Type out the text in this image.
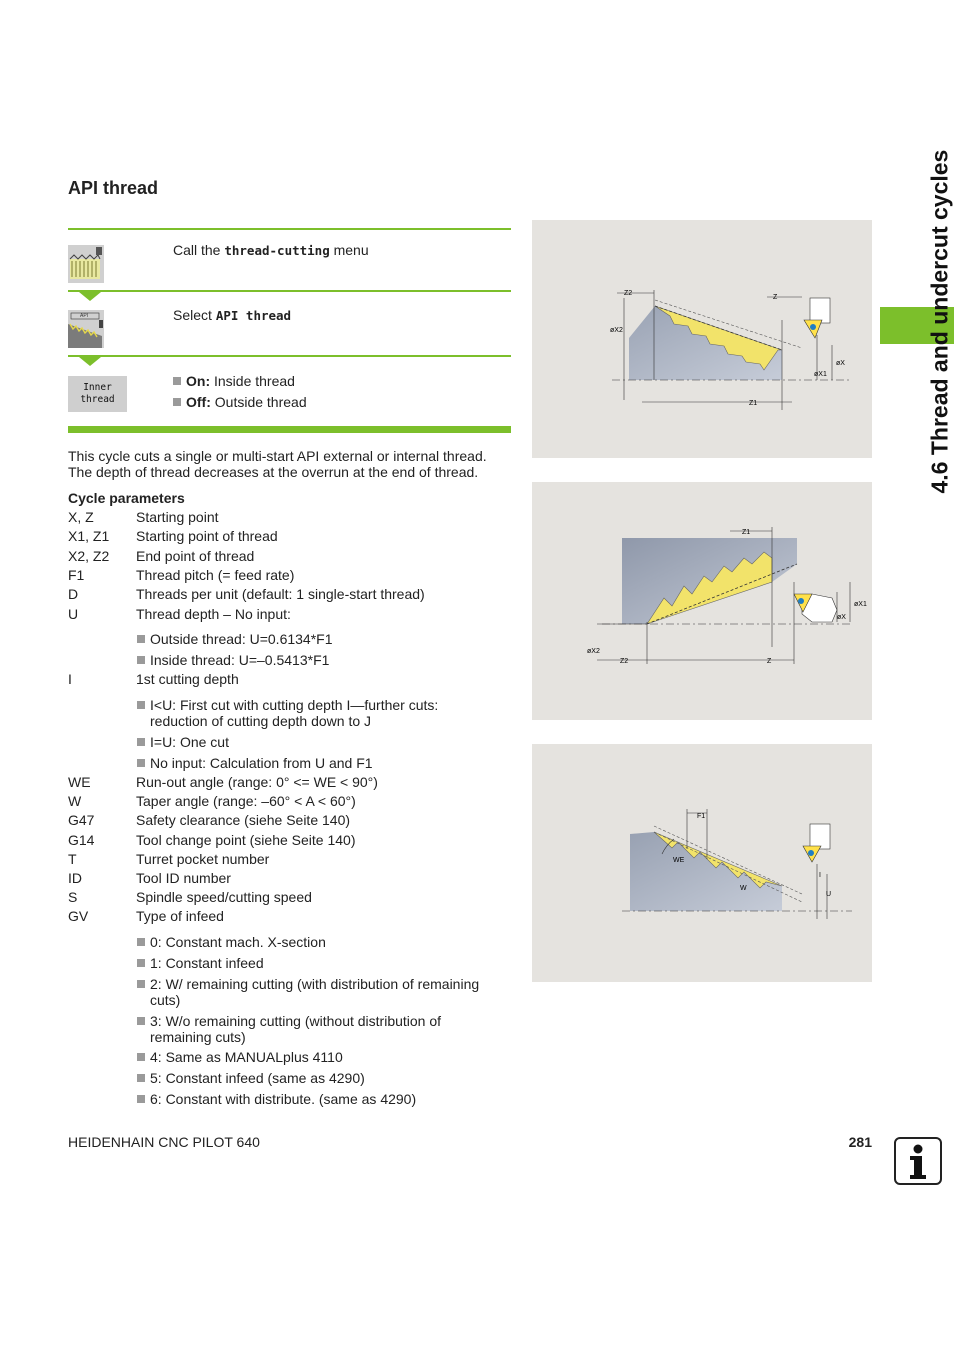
API thread
Call the thread-cutting menu
API	Select API thread
Inner thread
On: Inside thread
Off: Outside thread
This cycle cuts a single or multi-start API external or internal thread. The depth of thread decreases at the overrun at the end of thread.
Cycle parameters
X, Z	Starting point
X1, Z1 Starting point of thread
X2, Z2 End point of thread
F1	Thread pitch (= feed rate)
D	Threads per unit (default: 1 single-start thread)
U	Thread depth – No input:
Outside thread: U=0.6134*F1
Inside thread: U=–0.5413*F1
I	1st cutting depth
I<U: First cut with cutting depth I—further cuts:
reduction of cutting depth down to J
I=U: One cut
No input: Calculation from U and F1
WE	Run-out angle (range: 0° <= WE < 90°)
W	Taper angle (range: –60° < A < 60°)
G47	Safety clearance (siehe Seite 140)
G14	Tool change point (siehe Seite 140)
T	Turret pocket number
ID	Tool ID number
S	Spindle speed/cutting speed
GV	Type of infeed
0: Constant mach. X-section
1: Constant infeed
2: W/ remaining cutting (with distribution of remaining
cuts)
3: W/o remaining cutting (without distribution of
remaining cuts)
4: Same as MANUALplus 4110
5: Constant infeed (same as 4290)
6: Constant with distribute. (same as 4290)
Z2
Z
øX2
øX
øX1
Z1
Z1
øX1
øX
øX2
Z2	Z
F1
WE
W
I
U
4.6 Thread and undercut cycles
HEIDENHAIN CNC PILOT 640	281
